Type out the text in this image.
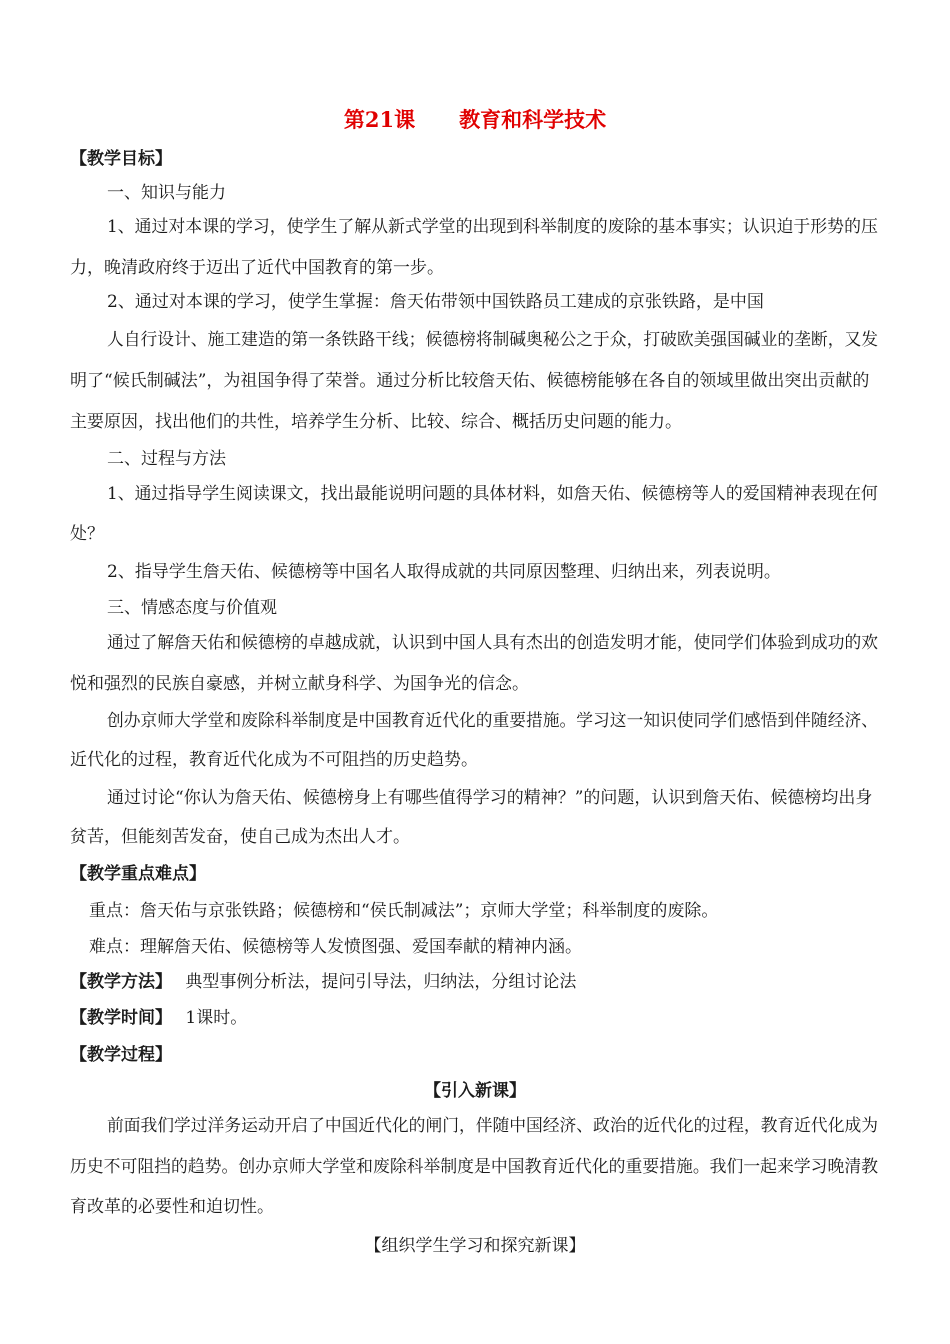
第21课 教育和科学技术
【教学目标】
一、知识与能力
1、通过对本课的学习，使学生了解从新式学堂的出现到科举制度的废除的基本事实；认识迫于形势的压
力，晚清政府终于迈出了近代中国教育的第一步。
2、通过对本课的学习，使学生掌握：詹天佑带领中国铁路员工建成的京张铁路，是中国
人自行设计、施工建造的第一条铁路干线；候德榜将制碱奥秘公之于众，打破欧美强国碱业的垄断，又发
明了“候氏制碱法”，为祖国争得了荣誉。通过分析比较詹天佑、候德榜能够在各自的领域里做出突出贡献的
主要原因，找出他们的共性，培养学生分析、比较、综合、概括历史问题的能力。
二、过程与方法
1、通过指导学生阅读课文，找出最能说明问题的具体材料，如詹天佑、候德榜等人的爱国精神表现在何
处？
2、指导学生詹天佑、候德榜等中国名人取得成就的共同原因整理、归纳出来，列表说明。
三、情感态度与价值观
通过了解詹天佑和候德榜的卓越成就，认识到中国人具有杰出的创造发明才能，使同学们体验到成功的欢
悦和强烈的民族自豪感，并树立献身科学、为国争光的信念。
创办京师大学堂和废除科举制度是中国教育近代化的重要措施。学习这一知识使同学们感悟到伴随经济、
近代化的过程，教育近代化成为不可阻挡的历史趋势。
通过讨论“你认为詹天佑、候德榜身上有哪些值得学习的精神？”的问题，认识到詹天佑、候德榜均出身
贫苦，但能刻苦发奋，使自己成为杰出人才。
【教学重点难点】
重点：詹天佑与京张铁路；候德榜和“侯氏制减法”；京师大学堂；科举制度的废除。
难点：理解詹天佑、候德榜等人发愤图强、爱国奉献的精神内涵。
【教学方法】 典型事例分析法，提问引导法，归纳法，分组讨论法
【教学时间】 1课时。
【教学过程】
【引入新课】
前面我们学过洋务运动开启了中国近代化的闸门，伴随中国经济、政治的近代化的过程，教育近代化成为
历史不可阻挡的趋势。创办京师大学堂和废除科举制度是中国教育近代化的重要措施。我们一起来学习晚清教
育改革的必要性和迫切性。
【组织学生学习和探究新课】
